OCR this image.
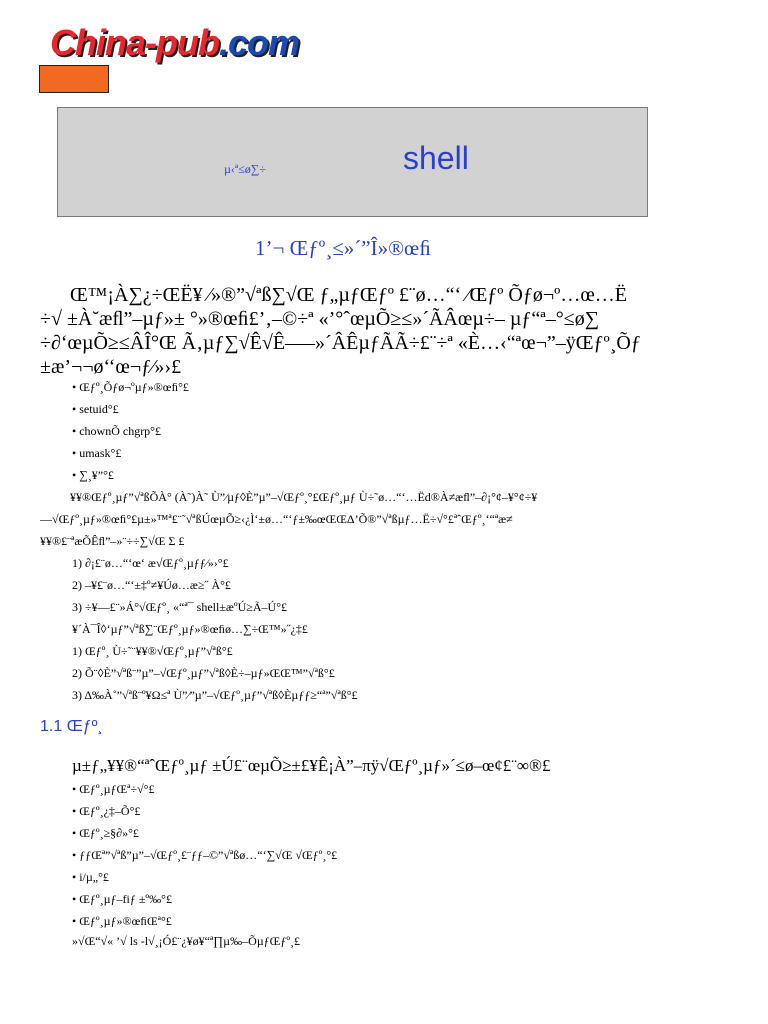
China-pub.com
µ‹ª≤ø∑÷	shell
1’¬ Œƒº¸≤»´”Î»®œﬁ
Œ™¡À∑¿÷ŒЁ¥ ⁄»®”√ªß∑√Œ ƒ„µƒŒƒº £¨ø…“‘ ⁄Œƒº Õƒø¬º…œ…Ë
÷√ ±À˘æﬂ”–µƒ»± °»®œﬁ£’‚–©÷ª «’°ˆœµÕ≥≤»´ÃÂœµ÷– µƒ“ª–°≤ø∑
÷∂‘œµÕ≥≤ÂÎ°Œ Ã‚µƒ∑√Ê√Ê–—»´ÂÊµƒÃÃ÷£¨÷ª «È…‹“ªœ¬”–ÿŒƒº¸Õƒ
±æ’¬¬ø‘‘œ¬ƒ⁄»›£
• Œƒº¸Õƒø¬ºµƒ»®œﬁ°£
• setuid°£
• chownÕ chgrp°£
• umask°£
• ∑¸¥”°£
¥¥®Œƒº¸µƒ”√ªßÕÀ° (À˜)À˜ Ù”⁄µƒ◊È”µ”–√Œƒº¸°£Œƒº¸µƒ Ù÷˜ø…“‘…Ëd®À≠æﬂ”–∂¡°¢–¥°¢÷¥
—√Œƒº¸µƒ»®œﬁ°£µ±»™ª£¨˜√ªßÚœµÕ≥‹¿Ì‘±ø…“‘ƒ±‰œŒŒΔ’Õ®”√ªßµƒ…Ë÷√°£ªˆŒƒº¸‘“ªæ≠
¥¥®£¨ªæÕÊﬂ”–»¨÷÷∑√Œ Σ £
1) ∂¡£¨ø…“‘œ‘ æ√Œƒº¸µƒƒ⁄»›°£
2) –¥£¨ø…“‘±‡º≠¥Úø…æ≥˝ À°£
3) ÷¥––£¨»Á°√Œƒº¸ «“ª¯ shell±æºÚ≥Ã–Ú°£
¥´À¯Î◊‘µƒ”√ªß∑¨Œƒº¸µƒ»®œﬁø…∑÷Œ™»˝¿‡£
1) Œƒº¸ Ù÷˜¨¥¥®√Œƒº¸µƒ”√ªß°£
2) Õ¨◊È”√ªß¨”µ”–√Œƒº¸µƒ”√ªß◊È÷–µƒ»ŒŒ™”√ªß°£
3) Δ‰À˚”√ªß¨º¥Ω≤ª Ù”⁄”µ”–√Œƒº¸µƒ”√ªß◊Èµƒƒ≥“ª”√ªß°£
1.1 Œƒº¸
µ±ƒ„¥¥®“ªˆŒƒº¸µƒ ±Ú£¨œµÕ≥±£¥Ê¡À”–πÿ√Œƒº¸µƒ»´≤ø–œ¢£¨∞®£
• Œƒº¸µƒŒª÷√°£
• Œƒº¸¿‡–Õ°£
• Œƒº¸≥§∂»°£
• ƒƒŒª”√ªß”µ”–√Œƒº¸£¨ƒƒ–©”√ªßø…“‘∑√Œ √Œƒº¸°£
• i/µ„°£
• Œƒº¸µƒ–fiƒ ±º‰°£
• Œƒº¸µƒ»®œﬁŒª°£
»√Œ“√« ’√ ls -l√¸¡Ó£¨¿¥ø¥“ª∏µ‰–ÕµƒŒƒº¸£
